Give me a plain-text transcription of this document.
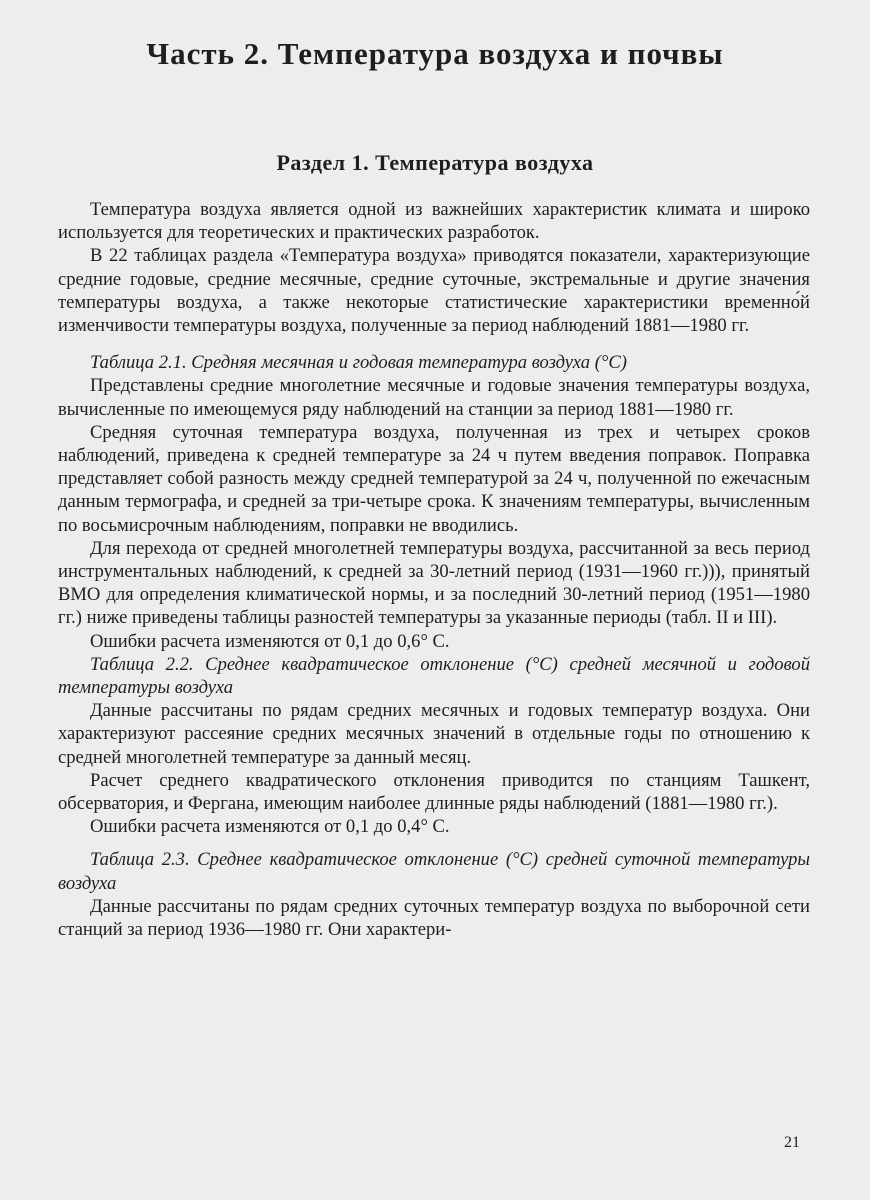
Часть 2. Температура воздуха и почвы
Раздел 1. Температура воздуха

Температура воздуха является одной из важнейших характеристик климата и широко используется для теоретических и практических разработок.

В 22 таблицах раздела «Температура воздуха» приводятся показатели, характеризующие средние годовые, средние месячные, средние суточные, экстремальные и другие значения температуры воздуха, а также некоторые статистические характеристики временно́й изменчивости температуры воздуха, полученные за период наблюдений 1881—1980 гг.

Таблица 2.1. Средняя месячная и годовая температура воздуха (°С)

Представлены средние многолетние месячные и годовые значения температуры воздуха, вычисленные по имеющемуся ряду наблюдений на станции за период 1881—1980 гг.

Средняя суточная температура воздуха, полученная из трех и четырех сроков наблюдений, приведена к средней температуре за 24 ч путем введения поправок. Поправка представляет собой разность между средней температурой за 24 ч, полученной по ежечасным данным термографа, и средней за три-четыре срока. К значениям температуры, вычисленным по восьмисрочным наблюдениям, поправки не вводились.

Для перехода от средней многолетней температуры воздуха, рассчитанной за весь период инструментальных наблюдений, к средней за 30-летний период (1931—1960 гг.))), принятый ВМО для определения климатической нормы, и за последний 30-летний период (1951—1980 гг.) ниже приведены таблицы разностей температуры за указанные периоды (табл. II и III).

Ошибки расчета изменяются от 0,1 до 0,6° С.

Таблица 2.2. Среднее квадратическое отклонение (°С) средней месячной и годовой температуры воздуха

Данные рассчитаны по рядам средних месячных и годовых температур воздуха. Они характеризуют рассеяние средних месячных значений в отдельные годы по отношению к средней многолетней температуре за данный месяц.

Расчет среднего квадратического отклонения приводится по станциям Ташкент, обсерватория, и Фергана, имеющим наиболее длинные ряды наблюдений (1881—1980 гг.).

Ошибки расчета изменяются от 0,1 до 0,4° С.

Таблица 2.3. Среднее квадратическое отклонение (°С) средней суточной температуры воздуха

Данные рассчитаны по рядам средних суточных температур воздуха по выборочной сети станций за период 1936—1980 гг. Они характери-

21
